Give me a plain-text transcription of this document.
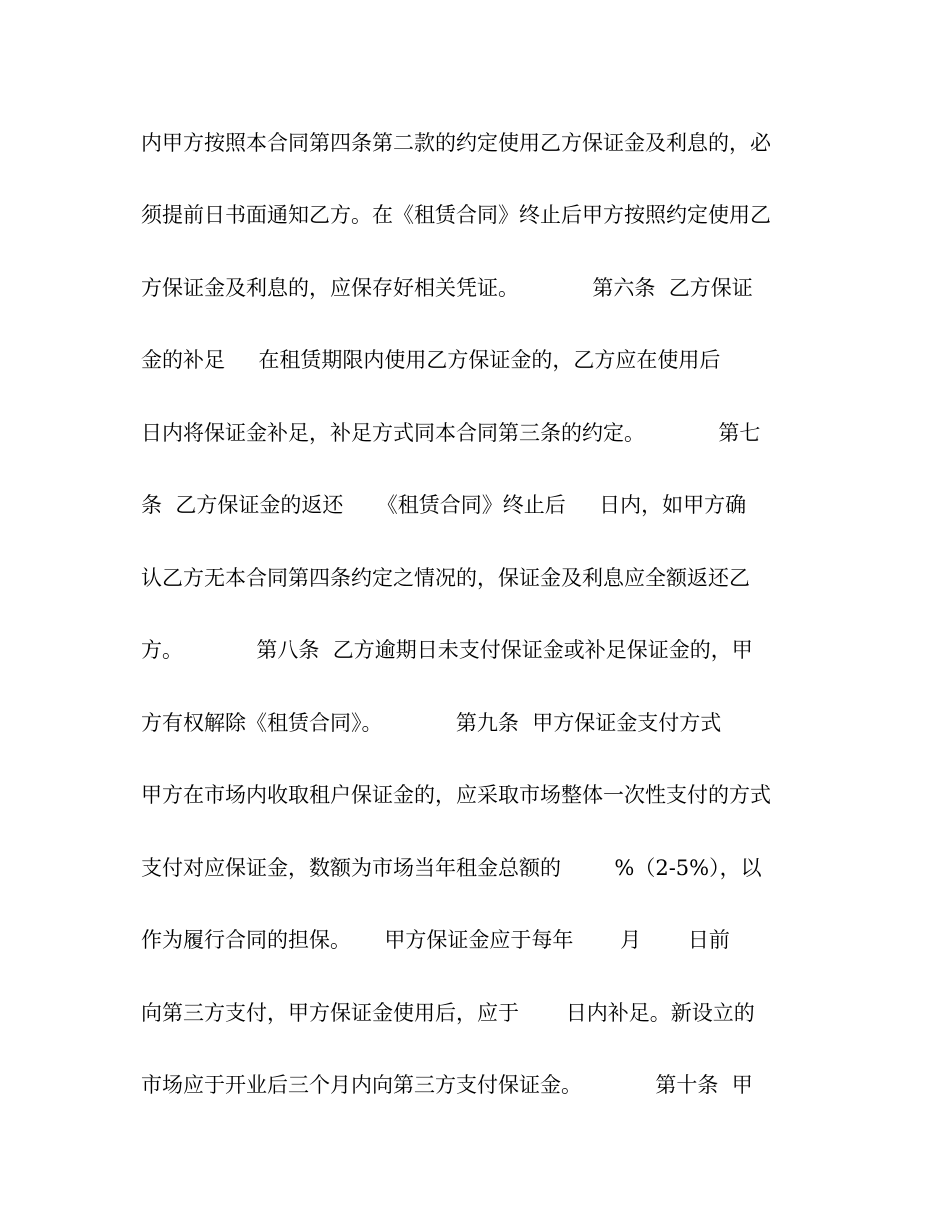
内甲方按照本合同第四条第二款的约定使用乙方保证金及利息的，必
须提前日书面通知乙方。在《租赁合同》终止后甲方按照约定使用乙
方保证金及利息的，应保存好相关凭证。           第六条  乙方保证
金的补足     在租赁期限内使用乙方保证金的，乙方应在使用后
日内将保证金补足，补足方式同本合同第三条的约定。           第七
条  乙方保证金的返还     《租赁合同》终止后     日内，如甲方确
认乙方无本合同第四条约定之情况的，保证金及利息应全额返还乙
方。           第八条  乙方逾期日未支付保证金或补足保证金的，甲
方有权解除《租赁合同》。           第九条  甲方保证金支付方式
甲方在市场内收取租户保证金的，应采取市场整体一次性支付的方式
支付对应保证金，数额为市场当年租金总额的        %（2-5%），以
作为履行合同的担保。     甲方保证金应于每年       月       日前
向第三方支付，甲方保证金使用后，应于       日内补足。新设立的
市场应于开业后三个月内向第三方支付保证金。           第十条  甲
